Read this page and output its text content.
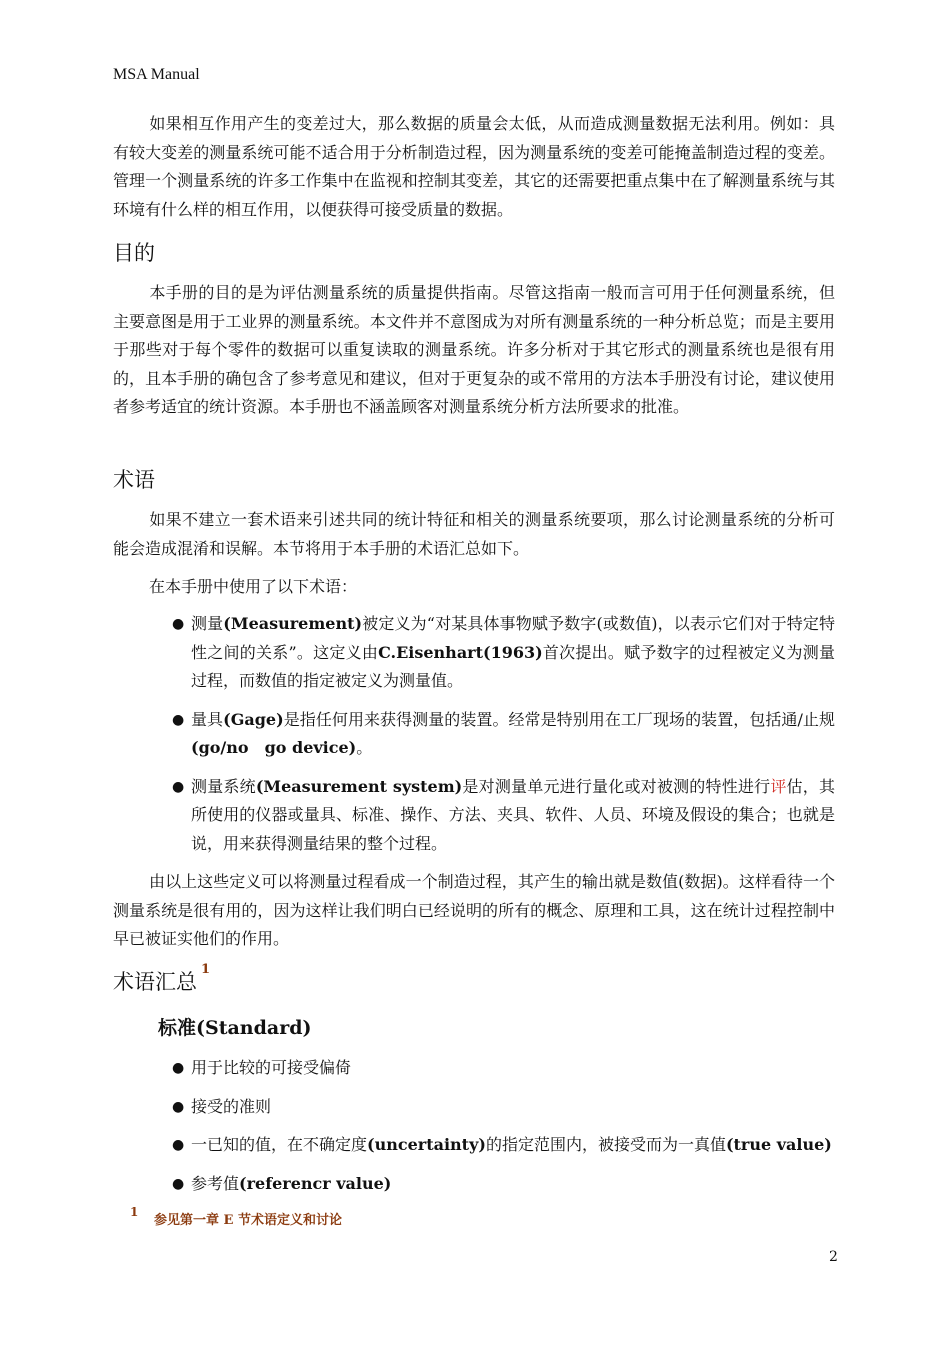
MSA Manual

如果相互作用产生的变差过大，那么数据的质量会太低，从而造成测量数据无法利用。例如：具有较大变差的测量系统可能不适合用于分析制造过程，因为测量系统的变差可能掩盖制造过程的变差。管理一个测量系统的许多工作集中在监视和控制其变差，其它的还需要把重点集中在了解测量系统与其环境有什么样的相互作用，以便获得可接受质量的数据。

目的

本手册的目的是为评估测量系统的质量提供指南。尽管这指南一般而言可用于任何测量系统，但主要意图是用于工业界的测量系统。本文件并不意图成为对所有测量系统的一种分析总览；而是主要用于那些对于每个零件的数据可以重复读取的测量系统。许多分析对于其它形式的测量系统也是很有用的，且本手册的确包含了参考意见和建议，但对于更复杂的或不常用的方法本手册没有讨论，建议使用者参考适宜的统计资源。本手册也不涵盖顾客对测量系统分析方法所要求的批准。

术语

如果不建立一套术语来引述共同的统计特征和相关的测量系统要项，那么讨论测量系统的分析可能会造成混淆和误解。本节将用于本手册的术语汇总如下。

在本手册中使用了以下术语：

● 测量(Measurement)被定义为“对某具体事物赋予数字(或数值)，以表示它们对于特定特性之间的关系”。这定义由C.Eisenhart(1963)首次提出。赋予数字的过程被定义为测量过程，而数值的指定被定义为测量值。
● 量具(Gage)是指任何用来获得测量的装置。经常是特别用在工厂现场的装置，包括通/止规(go/no　go device)。
● 测量系统(Measurement system)是对测量单元进行量化或对被测的特性进行评估，其所使用的仪器或量具、标准、操作、方法、夹具、软件、人员、环境及假设的集合；也就是说，用来获得测量结果的整个过程。

由以上这些定义可以将测量过程看成一个制造过程，其产生的输出就是数值(数据)。这样看待一个测量系统是很有用的，因为这样让我们明白已经说明的所有的概念、原理和工具，这在统计过程控制中早已被证实他们的作用。

术语汇总$^1$
标准(Standard)
● 用于比较的可接受偏倚
● 接受的准则
● 一已知的值，在不确定度(uncertainty)的指定范围内，被接受而为一真值(true value)
● 参考值(referencr value)
1
参见第一章 E 节术语定义和讨论
2
